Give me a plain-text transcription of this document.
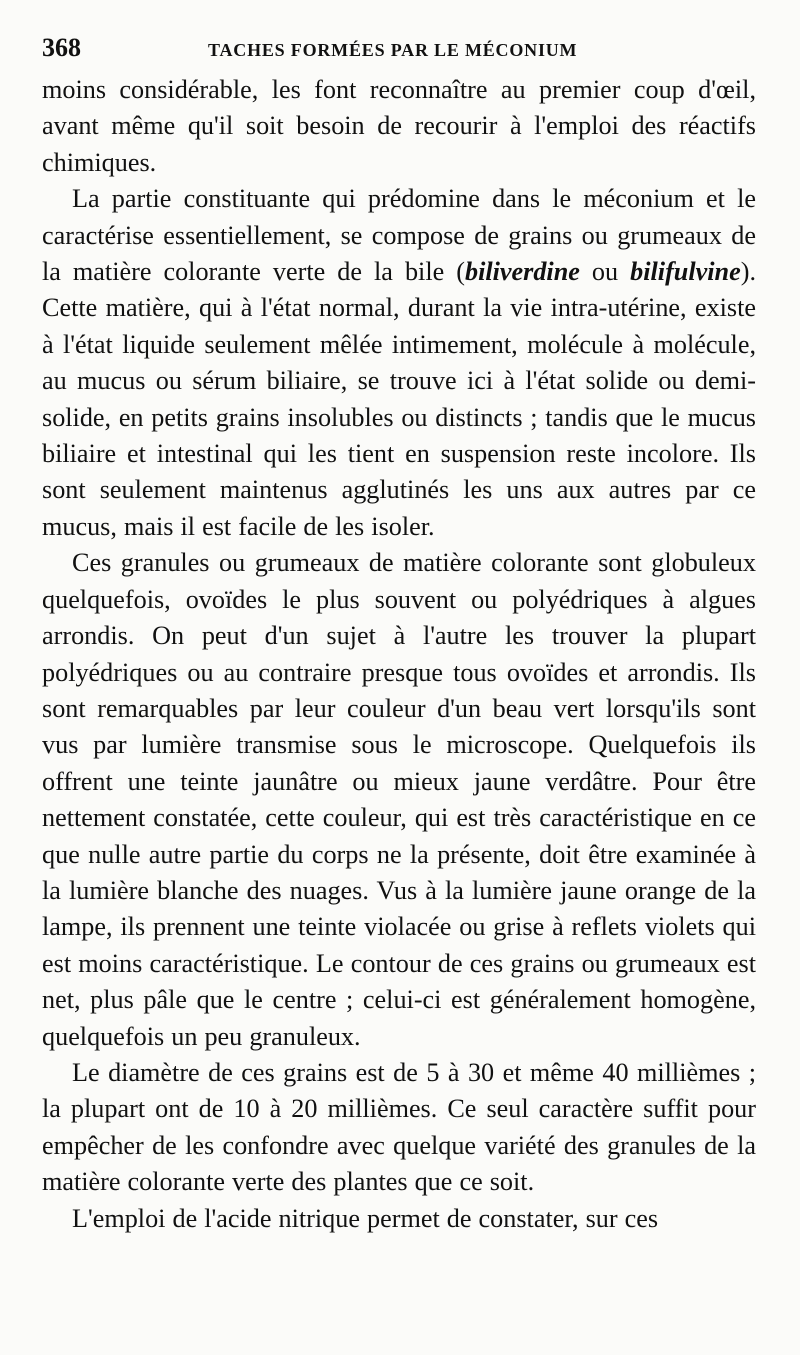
368	TACHES FORMÉES PAR LE MÉCONIUM

moins considérable, les font reconnaître au premier coup d'œil, avant même qu'il soit besoin de recourir à l'emploi des réactifs chimiques.

La partie constituante qui prédomine dans le méconium et le caractérise essentiellement, se compose de grains ou grumeaux de la matière colorante verte de la bile (biliverdine ou bilifulvine). Cette matière, qui à l'état normal, durant la vie intra-utérine, existe à l'état liquide seulement mêlée intimement, molécule à molécule, au mucus ou sérum biliaire, se trouve ici à l'état solide ou demi-solide, en petits grains insolubles ou distincts ; tandis que le mucus biliaire et intestinal qui les tient en suspension reste incolore. Ils sont seulement maintenus agglutinés les uns aux autres par ce mucus, mais il est facile de les isoler.

Ces granules ou grumeaux de matière colorante sont globuleux quelquefois, ovoïdes le plus souvent ou polyédriques à algues arrondis. On peut d'un sujet à l'autre les trouver la plupart polyédriques ou au contraire presque tous ovoïdes et arrondis. Ils sont remarquables par leur couleur d'un beau vert lorsqu'ils sont vus par lumière transmise sous le microscope. Quelquefois ils offrent une teinte jaunâtre ou mieux jaune verdâtre. Pour être nettement constatée, cette couleur, qui est très caractéristique en ce que nulle autre partie du corps ne la présente, doit être examinée à la lumière blanche des nuages. Vus à la lumière jaune orange de la lampe, ils prennent une teinte violacée ou grise à reflets violets qui est moins caractéristique. Le contour de ces grains ou grumeaux est net, plus pâle que le centre ; celui-ci est généralement homogène, quelquefois un peu granuleux.

Le diamètre de ces grains est de 5 à 30 et même 40 millièmes ; la plupart ont de 10 à 20 millièmes. Ce seul caractère suffit pour empêcher de les confondre avec quelque variété des granules de la matière colorante verte des plantes que ce soit.

L'emploi de l'acide nitrique permet de constater, sur ces
